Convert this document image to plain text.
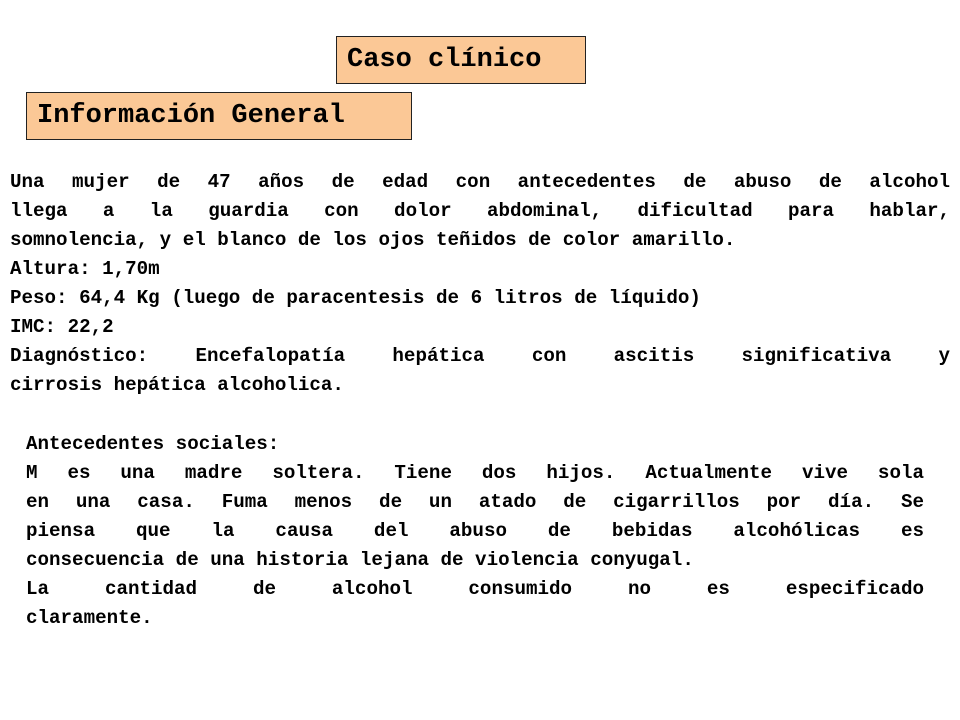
Caso clínico
Información General
Una mujer de 47 años de edad con antecedentes de abuso de alcohol
llega a la guardia con dolor abdominal, dificultad para hablar,
somnolencia, y el blanco de los ojos teñidos de color amarillo.
Altura: 1,70m
Peso: 64,4 Kg (luego de paracentesis de 6 litros de líquido)
IMC: 22,2
Diagnóstico: Encefalopatía hepática con ascitis significativa y
cirrosis hepática alcoholica.
Antecedentes sociales:
M es una madre soltera. Tiene dos hijos. Actualmente vive sola
en una casa. Fuma menos de un atado de cigarrillos por día. Se
piensa que la causa del abuso de bebidas alcohólicas es
consecuencia de una historia lejana de violencia conyugal.
La cantidad de alcohol consumido no es especificado
claramente.
